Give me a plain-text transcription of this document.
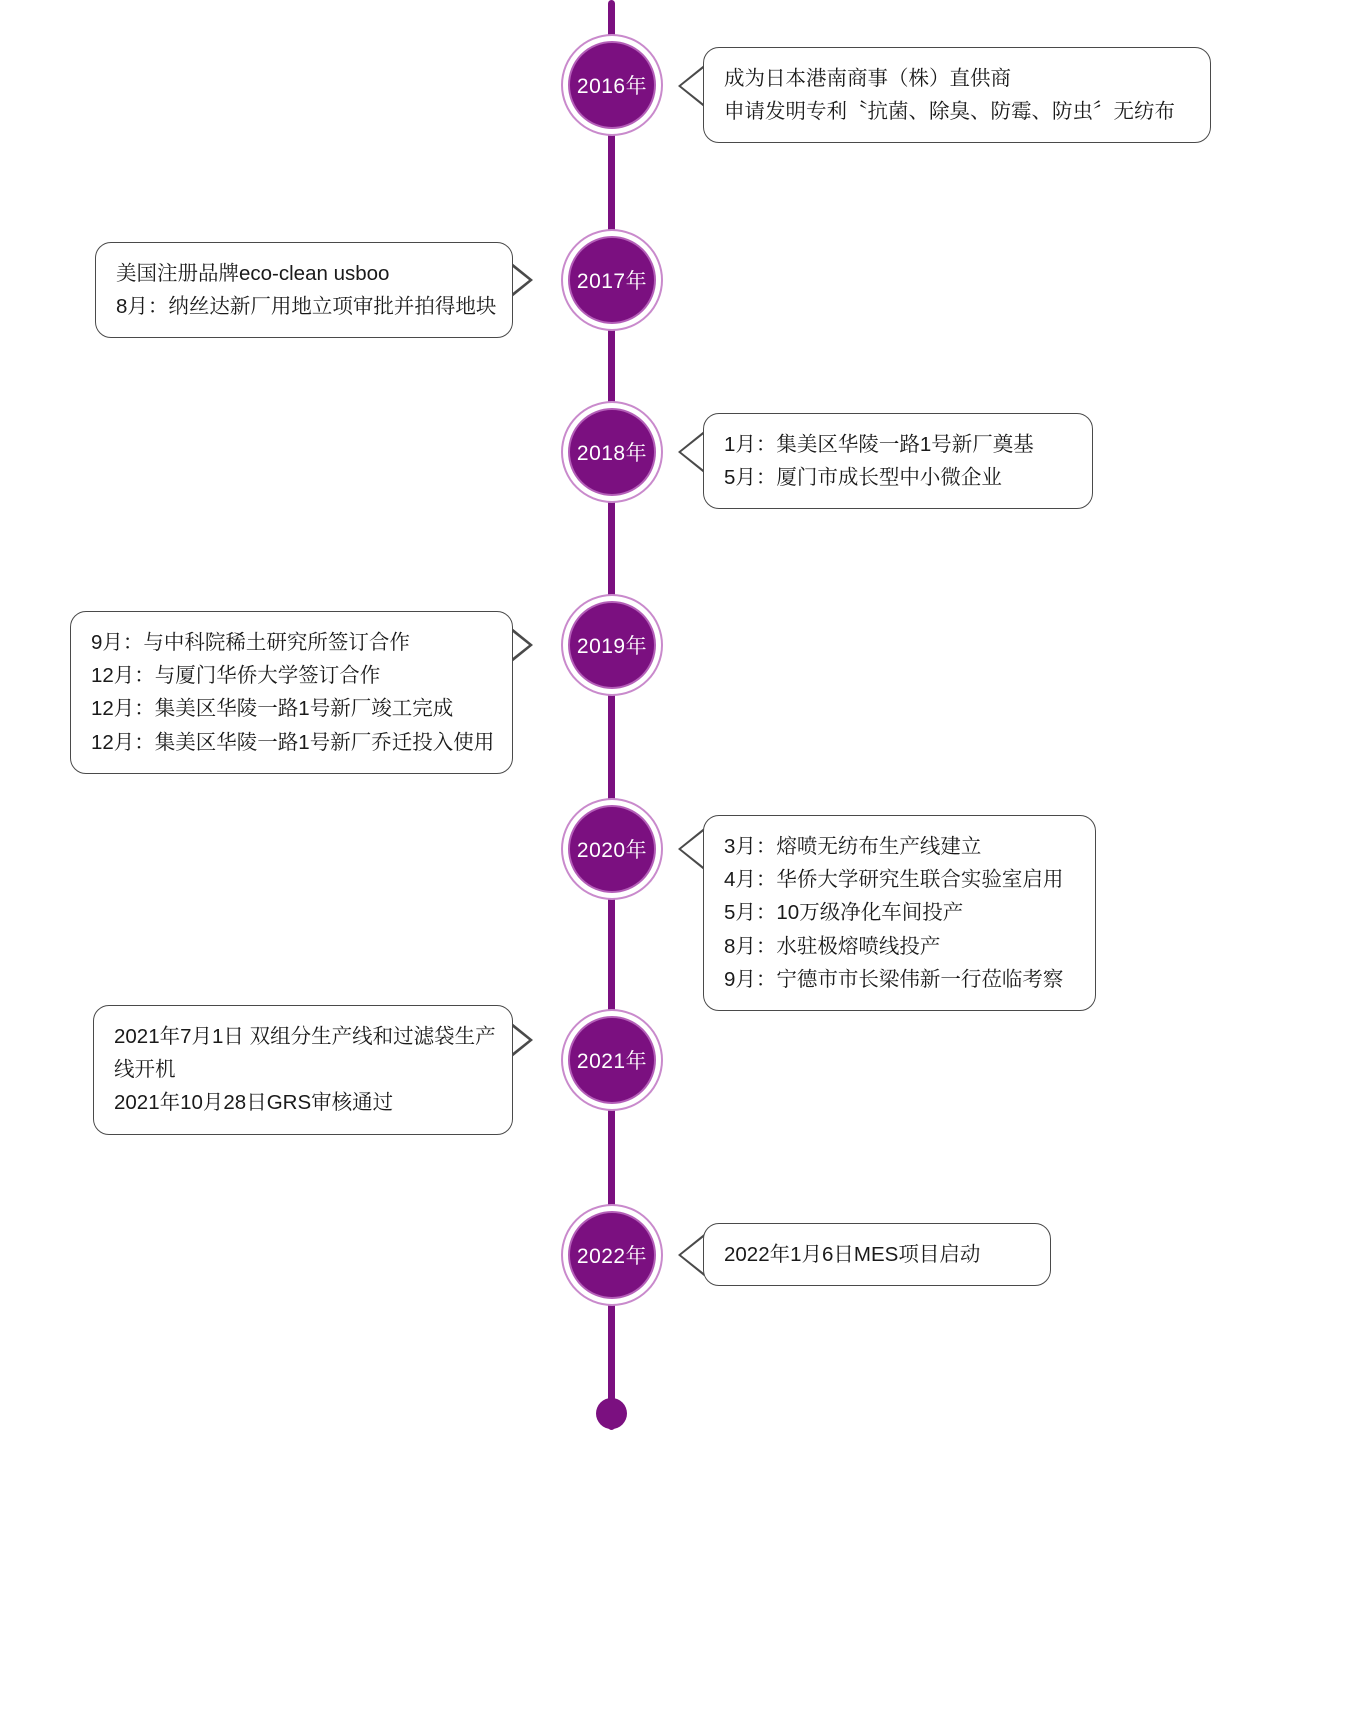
2016年	成为日本港南商事（株）直供商
申请发明专利〝抗菌、除臭、防霉、防虫〞无纺布
2017年
美国注册品牌eco-clean usboo
8月：纳丝达新厂用地立项审批并拍得地块
2018年	1月：集美区华陵一路1号新厂奠基
5月：厦门市成长型中小微企业
2019年
9月：与中科院稀土研究所签订合作
12月：与厦门华侨大学签订合作
12月：集美区华陵一路1号新厂竣工完成
12月：集美区华陵一路1号新厂乔迁投入使用
2020年	3月：熔喷无纺布生产线建立
4月：华侨大学研究生联合实验室启用
5月：10万级净化车间投产
8月：水驻极熔喷线投产
9月：宁德市市长梁伟新一行莅临考察
2021年
2021年7月1日 双组分生产线和过滤袋生产
线开机
2021年10月28日GRS审核通过
2022年	2022年1月6日MES项目启动
